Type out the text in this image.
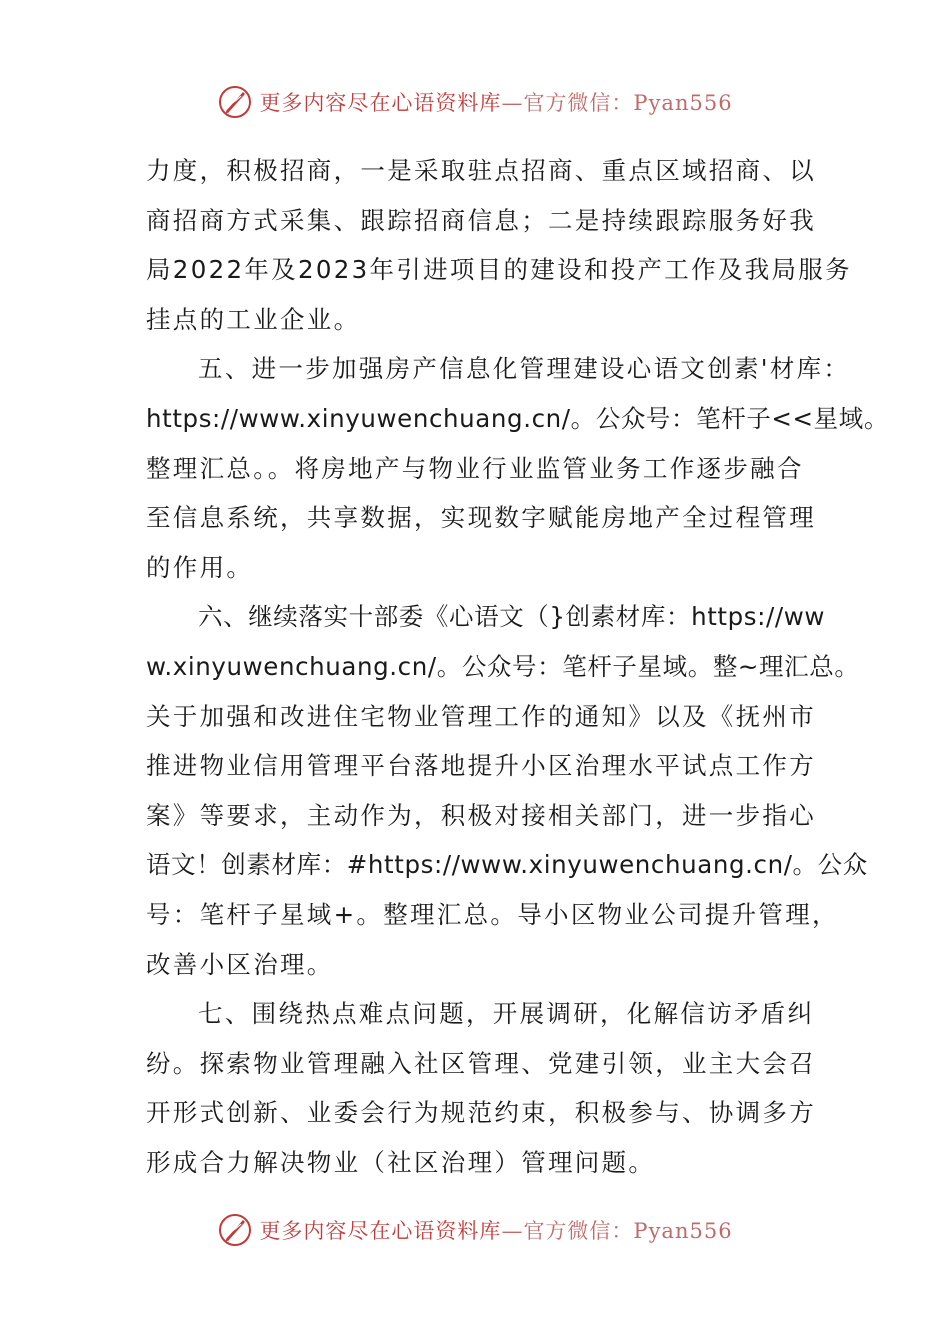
更多内容尽在心语资料库—官方微信：Pyan556
力度，积极招商，一是采取驻点招商、重点区域招商、以
商招商方式采集、跟踪招商信息；二是持续跟踪服务好我
局2022年及2023年引进项目的建设和投产工作及我局服务
挂点的工业企业。
五、进一步加强房产信息化管理建设心语文创素'材库：
https://www.xinyuwenchuang.cn/。公众号：笔杆子<<星域。
整理汇总。。将房地产与物业行业监管业务工作逐步融合
至信息系统，共享数据，实现数字赋能房地产全过程管理
的作用。
六、继续落实十部委《心语文（}创素材库：https://ww
w.xinyuwenchuang.cn/。公众号：笔杆子星域。整~理汇总。
关于加强和改进住宅物业管理工作的通知》以及《抚州市
推进物业信用管理平台落地提升小区治理水平试点工作方
案》等要求，主动作为，积极对接相关部门，进一步指心
语文！创素材库：#https://www.xinyuwenchuang.cn/。公众
号：笔杆子星域+。整理汇总。导小区物业公司提升管理，
改善小区治理。
七、围绕热点难点问题，开展调研，化解信访矛盾纠
纷。探索物业管理融入社区管理、党建引领，业主大会召
开形式创新、业委会行为规范约束，积极参与、协调多方
形成合力解决物业（社区治理）管理问题。
更多内容尽在心语资料库—官方微信：Pyan556
